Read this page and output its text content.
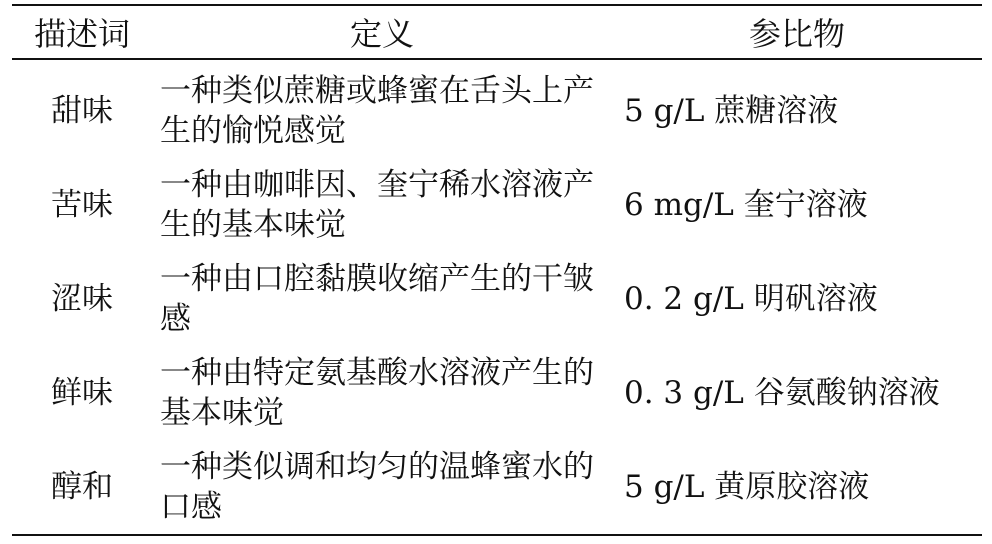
描述词	定义	参比物
甜味	一种类似蔗糖或蜂蜜在舌头上产生的愉悦感觉	5 g/L 蔗糖溶液
苦味	一种由咖啡因、奎宁稀水溶液产生的基本味觉	6 mg/L 奎宁溶液
涩味	一种由口腔黏膜收缩产生的干皱感	0. 2 g/L 明矾溶液
鲜味	一种由特定氨基酸水溶液产生的基本味觉	0. 3 g/L 谷氨酸钠溶液
醇和	一种类似调和均匀的温蜂蜜水的口感	5 g/L 黄原胶溶液
